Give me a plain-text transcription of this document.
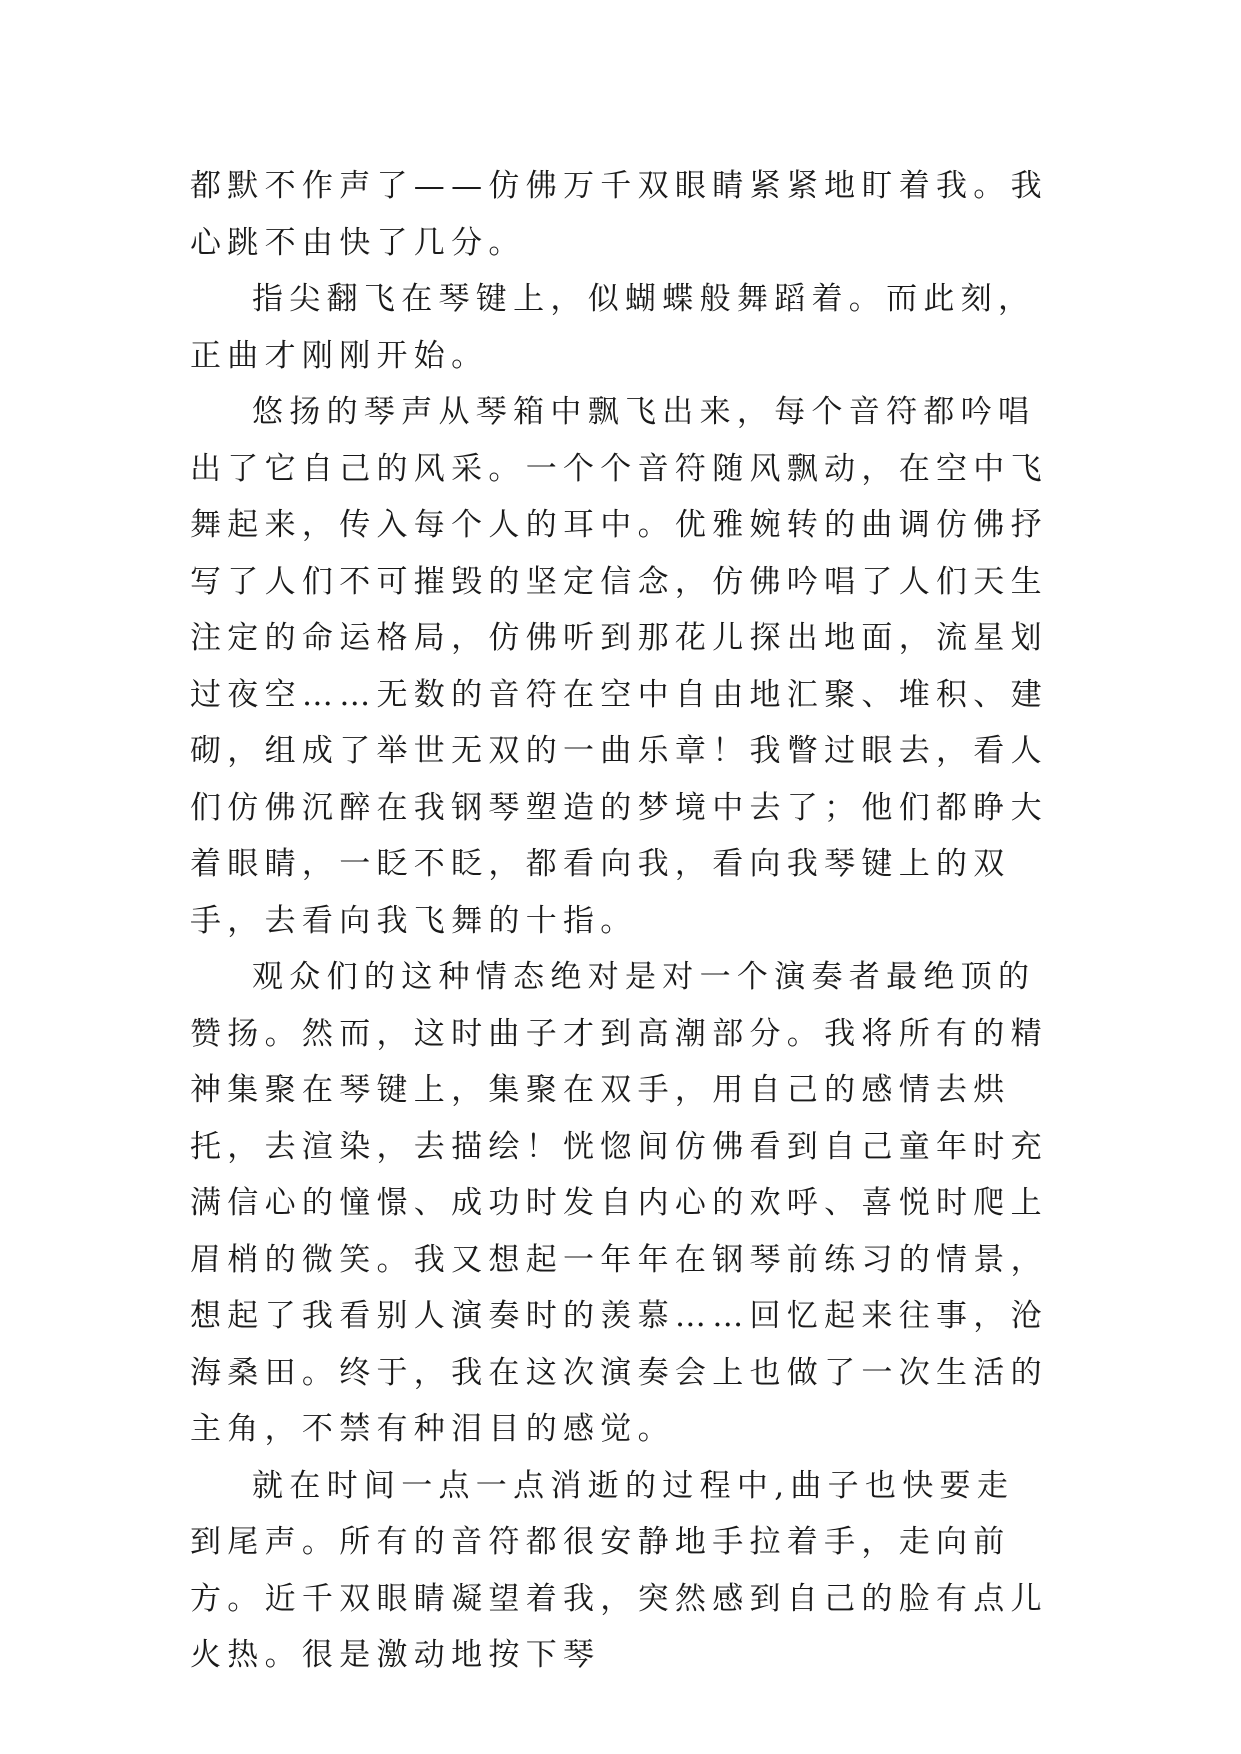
都默不作声了——仿佛万千双眼睛紧紧地盯着我。我心跳不由快了几分。

指尖翻飞在琴键上，似蝴蝶般舞蹈着。而此刻，正曲才刚刚开始。

悠扬的琴声从琴箱中飘飞出来，每个音符都吟唱出了它自己的风采。一个个音符随风飘动，在空中飞舞起来，传入每个人的耳中。优雅婉转的曲调仿佛抒写了人们不可摧毁的坚定信念，仿佛吟唱了人们天生注定的命运格局，仿佛听到那花儿探出地面，流星划过夜空……无数的音符在空中自由地汇聚、堆积、建砌，组成了举世无双的一曲乐章！我瞥过眼去，看人们仿佛沉醉在我钢琴塑造的梦境中去了；他们都睁大着眼睛，一眨不眨，都看向我，看向我琴键上的双手，去看向我飞舞的十指。

观众们的这种情态绝对是对一个演奏者最绝顶的赞扬。然而，这时曲子才到高潮部分。我将所有的精神集聚在琴键上，集聚在双手，用自己的感情去烘托，去渲染，去描绘！恍惚间仿佛看到自己童年时充满信心的憧憬、成功时发自内心的欢呼、喜悦时爬上眉梢的微笑。我又想起一年年在钢琴前练习的情景，想起了我看别人演奏时的羡慕……回忆起来往事，沧海桑田。终于，我在这次演奏会上也做了一次生活的主角，不禁有种泪目的感觉。

就在时间一点一点消逝的过程中,曲子也快要走到尾声。所有的音符都很安静地手拉着手，走向前方。近千双眼睛凝望着我，突然感到自己的脸有点儿火热。很是激动地按下琴
